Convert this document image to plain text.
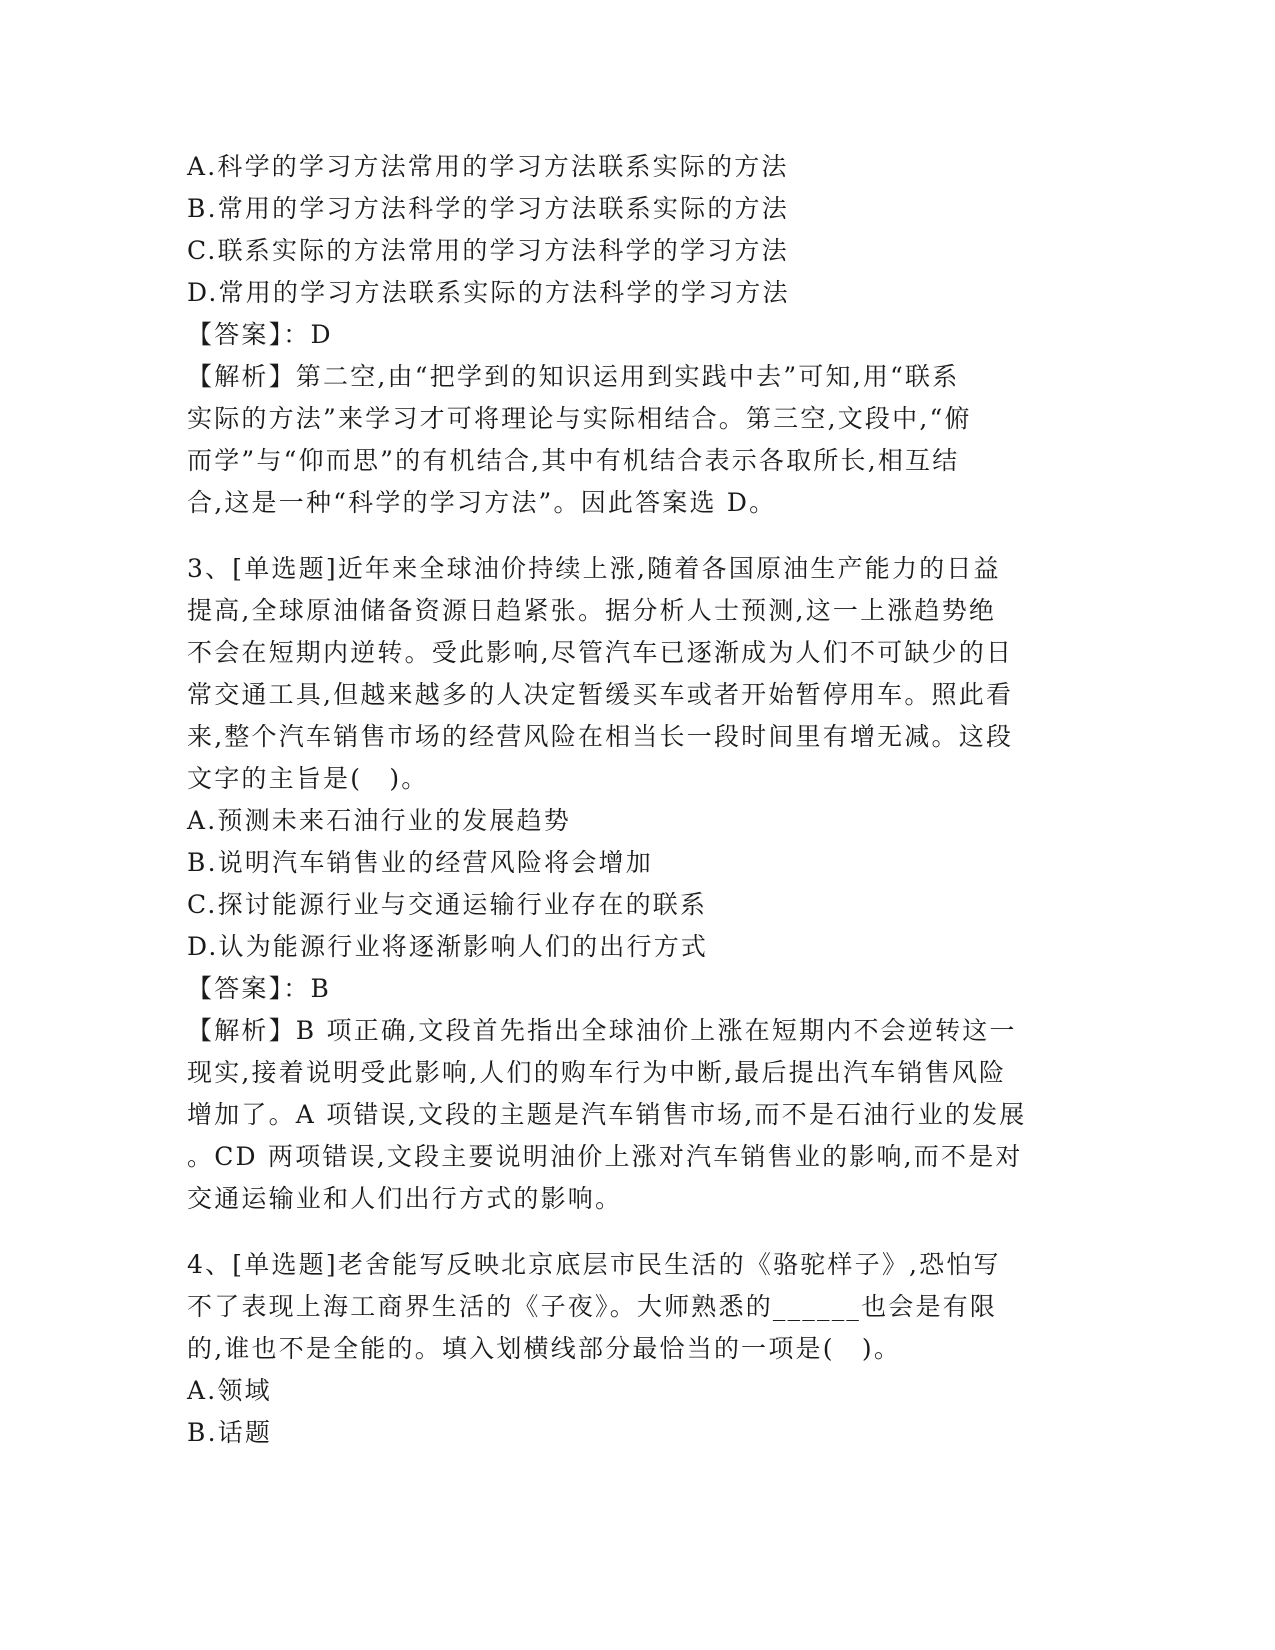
A.科学的学习方法常用的学习方法联系实际的方法
B.常用的学习方法科学的学习方法联系实际的方法
C.联系实际的方法常用的学习方法科学的学习方法
D.常用的学习方法联系实际的方法科学的学习方法
【答案】：D
【解析】第二空,由“把学到的知识运用到实践中去”可知,用“联系
实际的方法”来学习才可将理论与实际相结合。第三空,文段中,“俯
而学”与“仰而思”的有机结合,其中有机结合表示各取所长,相互结
合,这是一种“科学的学习方法”。因此答案选 D。
3、[单选题]近年来全球油价持续上涨,随着各国原油生产能力的日益
提高,全球原油储备资源日趋紧张。据分析人士预测,这一上涨趋势绝
不会在短期内逆转。受此影响,尽管汽车已逐渐成为人们不可缺少的日
常交通工具,但越来越多的人决定暂缓买车或者开始暂停用车。照此看
来,整个汽车销售市场的经营风险在相当长一段时间里有增无减。这段
文字的主旨是(　)。
A.预测未来石油行业的发展趋势
B.说明汽车销售业的经营风险将会增加
C.探讨能源行业与交通运输行业存在的联系
D.认为能源行业将逐渐影响人们的出行方式
【答案】：B
【解析】B 项正确,文段首先指出全球油价上涨在短期内不会逆转这一
现实,接着说明受此影响,人们的购车行为中断,最后提出汽车销售风险
增加了。A 项错误,文段的主题是汽车销售市场,而不是石油行业的发展
。CD 两项错误,文段主要说明油价上涨对汽车销售业的影响,而不是对
交通运输业和人们出行方式的影响。
4、[单选题]老舍能写反映北京底层市民生活的《骆驼样子》,恐怕写
不了表现上海工商界生活的《子夜》。大师熟悉的______也会是有限
的,谁也不是全能的。填入划横线部分最恰当的一项是(　)。
A.领域
B.话题
